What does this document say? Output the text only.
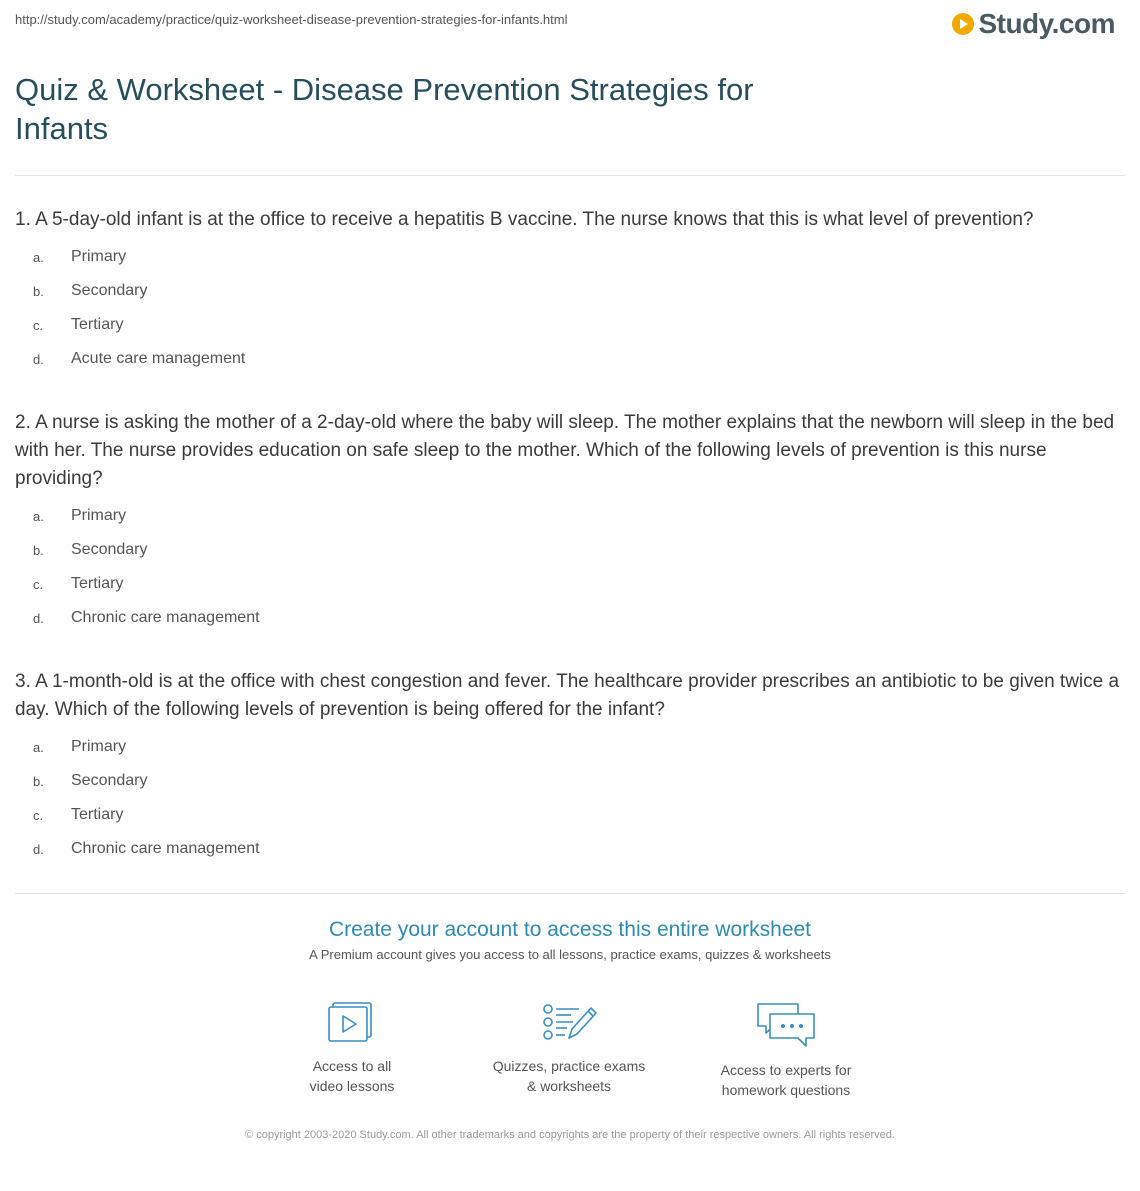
http://study.com/academy/practice/quiz-worksheet-disease-prevention-strategies-for-infants.html	Study.com
Quiz & Worksheet - Disease Prevention Strategies for Infants

1. A 5-day-old infant is at the office to receive a hepatitis B vaccine. The nurse knows that this is what level of prevention?

a.	Primary
b.	Secondary
c.	Tertiary
d.	Acute care management

2. A nurse is asking the mother of a 2-day-old where the baby will sleep. The mother explains that the newborn will sleep in the bed with her. The nurse provides education on safe sleep to the mother. Which of the following levels of prevention is this nurse providing?

a.	Primary
b.	Secondary
c.	Tertiary
d.	Chronic care management

3. A 1-month-old is at the office with chest congestion and fever. The healthcare provider prescribes an antibiotic to be given twice a day. Which of the following levels of prevention is being offered for the infant?

a.	Primary
b.	Secondary
c.	Tertiary
d.	Chronic care management

Create your account to access this entire worksheet

A Premium account gives you access to all lessons, practice exams, quizzes & worksheets

Access to all
video lessons
Quizzes, practice exams
& worksheets
Access to experts for
homework questions
© copyright 2003-2020 Study.com. All other trademarks and copyrights are the property of their respective owners. All rights reserved.
